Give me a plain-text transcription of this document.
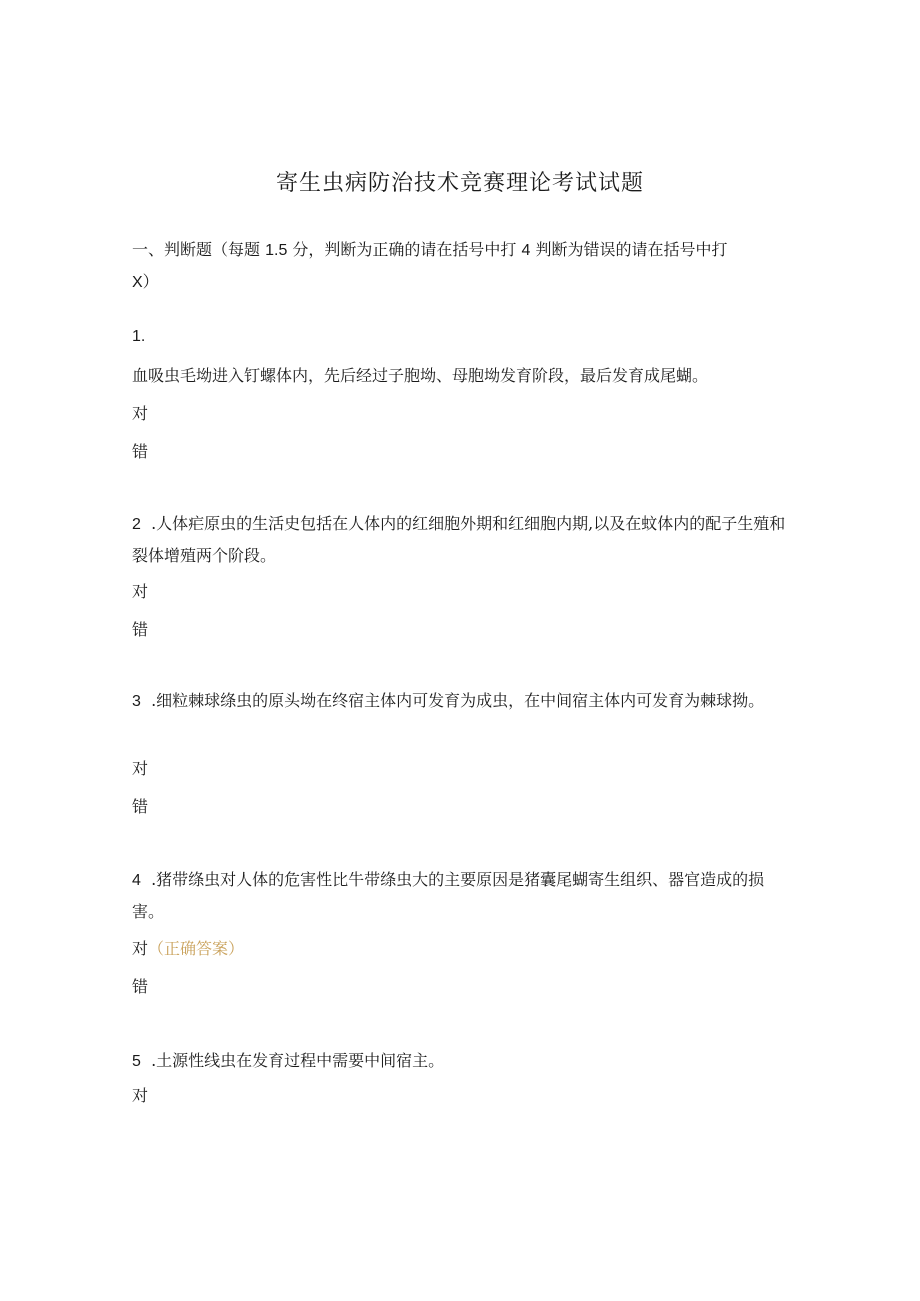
寄生虫病防治技术竞赛理论考试试题
一、判断题（每题 1.5 分，判断为正确的请在括号中打 4 判断为错误的请在括号中打
X）
1.
血吸虫毛坳进入钉螺体内，先后经过子胞坳、母胞坳发育阶段，最后发育成尾蝴。
对
错
2 .人体疟原虫的生活史包括在人体内的红细胞外期和红细胞内期,以及在蚊体内的配子生殖和裂体增殖两个阶段。
对
错
3 .细粒棘球绦虫的原头坳在终宿主体内可发育为成虫，在中间宿主体内可发育为棘球拗。
对
错
4 .猪带绦虫对人体的危害性比牛带绦虫大的主要原因是猪囊尾蝴寄生组织、器官造成的损害。
对（正确答案）
错
5 .土源性线虫在发育过程中需要中间宿主。
对
